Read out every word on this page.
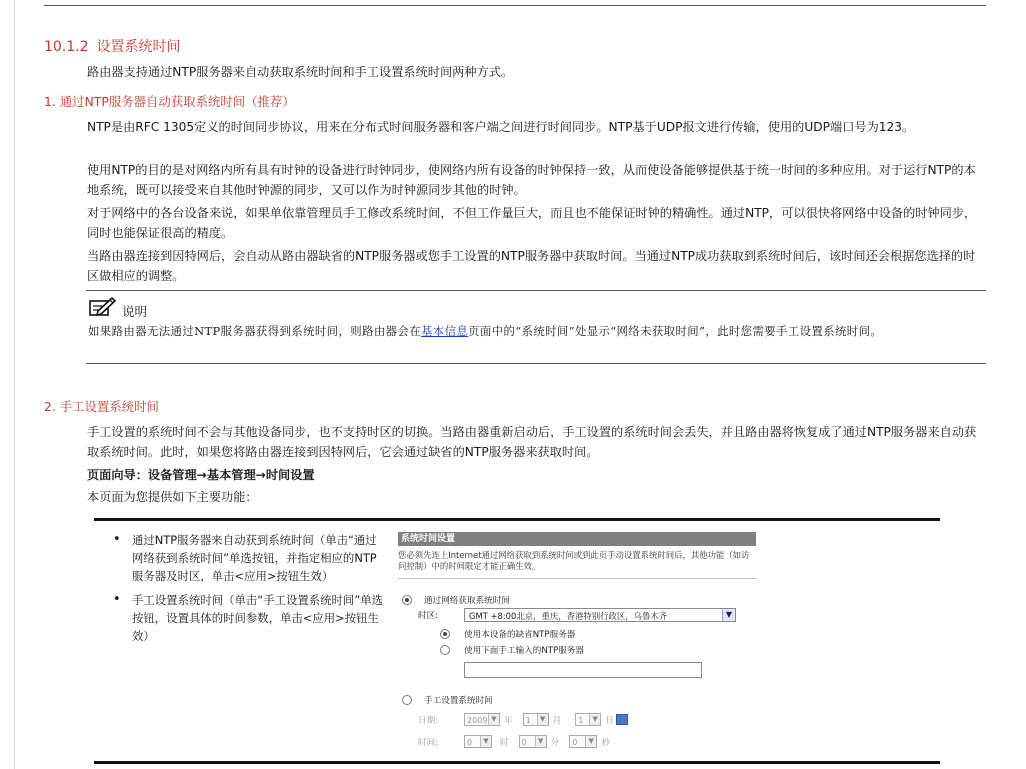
10.1.2 设置系统时间
路由器支持通过NTP服务器来自动获取系统时间和手工设置系统时间两种方式。
1. 通过NTP服务器自动获取系统时间（推荐）
NTP是由RFC 1305定义的时间同步协议，用来在分布式时间服务器和客户端之间进行时间同步。NTP基于UDP报文进行传输，使用的UDP端口号为123。
使用NTP的目的是对网络内所有具有时钟的设备进行时钟同步，使网络内所有设备的时钟保持一致，从而使设备能够提供基于统一时间的多种应用。对于运行NTP的本地系统，既可以接受来自其他时钟源的同步，又可以作为时钟源同步其他的时钟。
对于网络中的各台设备来说，如果单依靠管理员手工修改系统时间，不但工作量巨大，而且也不能保证时钟的精确性。通过NTP，可以很快将网络中设备的时钟同步，同时也能保证很高的精度。
当路由器连接到因特网后，会自动从路由器缺省的NTP服务器或您手工设置的NTP服务器中获取时间。当通过NTP成功获取到系统时间后，该时间还会根据您选择的时区做相应的调整。
说明
如果路由器无法通过NTP服务器获得到系统时间，则路由器会在基本信息页面中的“系统时间”处显示“网络未获取时间”，此时您需要手工设置系统时间。
2. 手工设置系统时间
手工设置的系统时间不会与其他设备同步，也不支持时区的切换。当路由器重新启动后，手工设置的系统时间会丢失，并且路由器将恢复成了通过NTP服务器来自动获取系统时间。此时，如果您将路由器连接到因特网后，它会通过缺省的NTP服务器来获取时间。
页面向导：设备管理→基本管理→时间设置
本页面为您提供如下主要功能：
• 通过NTP服务器来自动获到系统时间（单击“通过网络获到系统时间”单选按钮，并指定相应的NTP服务器及时区，单击<应用>按钮生效）
• 手工设置系统时间（单击“手工设置系统时间”单选按钮，设置具体的时间参数，单击<应用>按钮生效）
系统时间设置
您必须先连上Internet通过网络获取到系统时间或到此页手动设置系统时间后，其他功能（如访问控制）中的时间限定才能正确生效。
通过网络获取系统时间
时区:	GMT +8:00北京，重庆，香港特别行政区，乌鲁木齐	▼
使用本设备的缺省NTP服务器
使用下面手工输入的NTP服务器
手工设置系统时间
日期:	2009 ▼ 年	1	▼ 月	1	▼ 日
时间:	0	▼ 时	0	▼ 分	0	▼ 秒
